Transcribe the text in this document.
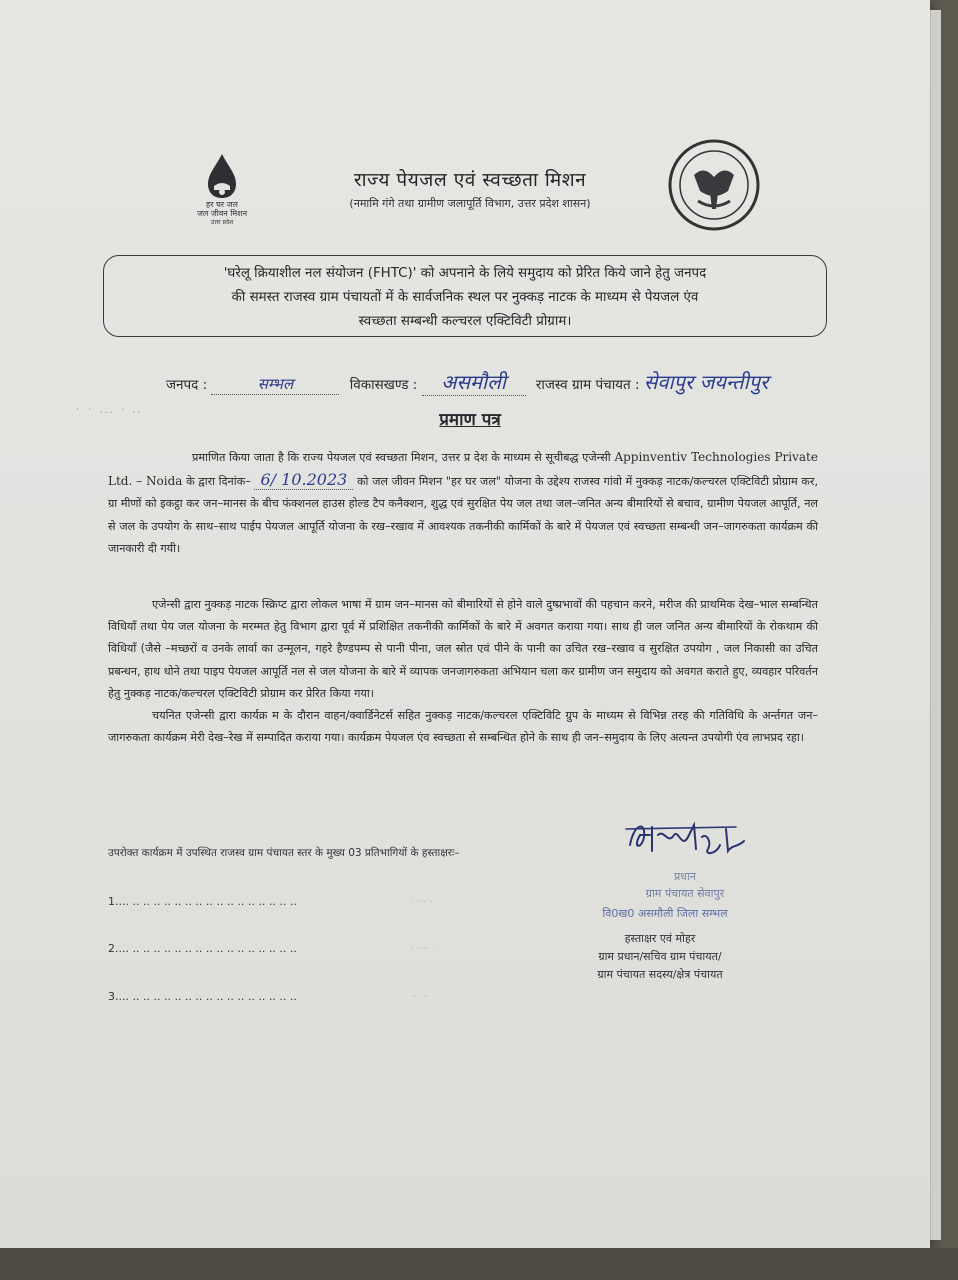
हर घर जल
जल जीवन मिशन
उत्तर प्रदेश
राज्य पेयजल एवं स्वच्छता मिशन
(नमामि गंगे तथा ग्रामीण जलापूर्ति विभाग, उत्तर प्रदेश शासन)
'घरेलू क्रियाशील नल संयोजन (FHTC)' को अपनाने के लिये समुदाय को प्रेरित किये जाने हेतु जनपद
की समस्त राजस्व ग्राम पंचायतों में के सार्वजनिक स्थल पर नुक्कड़ नाटक के माध्यम से पेयजल एंव
स्वच्छता सम्बन्धी कल्चरल एक्टिविटी प्रोग्राम।
जनपद :	सम्भल	विकासखण्ड : असमौली राजस्व ग्राम पंचायत : सेवापुर जयन्तीपुर
˙ ˙ ··· ˙ ··	प्रमाण पत्र
प्रमाणित किया जाता है कि राज्य पेयजल एवं स्वच्छता मिशन, उत्तर प्र देश के माध्यम से सूचीबद्ध एजेन्सी Appinventiv Technologies Private Ltd. – Noida के द्वारा दिनांक– 6/ 10.2023 को जल जीवन मिशन "हर घर जल" योजना के उद्देश्य राजस्व गांवो में नुक्कड़ नाटक/कल्चरल एक्टिविटी प्रोग्राम कर, ग्रा मीणों को इकट्ठा कर जन–मानस के बीच फंक्शनल हाउस होल्ड टैप कनैक्शन, शुद्ध एवं सुरक्षित पेय जल तथा जल–जनित अन्य बीमारियों से बचाव, ग्रामीण पेयजल आपूर्ति, नल से जल के उपयोग के साथ–साथ पाईप पेयजल आपूर्ति योजना के रख–रखाव में आवश्यक तकनीकी कार्मिकों के बारे में पेयजल एवं स्वच्छता सम्बन्धी जन–जागरुकता कार्यक्रम की जानकारी दी गयी।
एजेन्सी द्वारा नुक्कड़ नाटक स्क्रिप्ट द्वारा लोकल भाषा में ग्राम जन–मानस को बीमारियों से होने वाले दुष्प्रभावों की पहचान करने, मरीज की प्राथमिक देख–भाल सम्बन्धित विधियॉं तथा पेय जल योजना के मरम्मत हेतु विभाग द्वारा पूर्व में प्रशिक्षित तकनीकी कार्मिकों के बारे में अवगत कराया गया। साथ ही जल जनित अन्य बीमारियों के रोकथाम की विधियॉं (जैसे –मच्छरों व उनके लार्वा का उन्मूलन, गहरे हैण्डपम्प से पानी पीना, जल स्रोत एवं पीने के पानी का उचित रख–रखाव व सुरक्षित उपयोग , जल निकासी का उचित प्रबन्धन, हाथ धोने तथा पाइप पेयजल आपूर्ति नल से जल योजना के बारे में व्यापक जनजागरुकता अभियान चला कर ग्रामीण जन समुदाय को अवगत कराते हुए, व्यवहार परिवर्तन हेतु नुक्कड़ नाटक/कल्चरल एक्टिविटी प्रोग्राम कर प्रेरित किया गया।
चयनित एजेन्सी द्वारा कार्यक्र म के दौरान वाहन/क्वार्डिनेटर्स सहित नुक्कड़ नाटक/कल्चरल एक्टिविटि ग्रुप के माध्यम से विभिन्न तरह की गतिविधि के अर्न्तगत जन–जागरुकता कार्यक्रम मेरी देख–रेख में सम्पादित कराया गया। कार्यक्रम पेयजल एंव स्वच्छता से सम्बन्धित होने के साथ ही जन–समुदाय के लिए अत्यन्त उपयोगी एंव लाभप्रद रहा।
उपरोक्त कार्यक्रम में उपस्थित राजस्व ग्राम पंचायत स्तर के मुख्य 03 प्रतिभागियों के हस्ताक्षरः–
1.... .. .. .. .. .. .. .. .. .. .. .. .. .. .. .. ..	· ··· ·
2.... .. .. .. .. .. .. .. .. .. .. .. .. .. .. .. ..	· ···· ·
3.... .. .. .. .. .. .. .. .. .. .. .. .. .. .. .. ..	·· ··· ·
प्रधान
ग्राम पंचायत सेवापुर
वि0ख0 असमौली जिला सम्भल
हस्ताक्षर एवं मोहर
ग्राम प्रधान/सचिव ग्राम पंचायत/
ग्राम पंचायत सदस्य/क्षेत्र पंचायत
